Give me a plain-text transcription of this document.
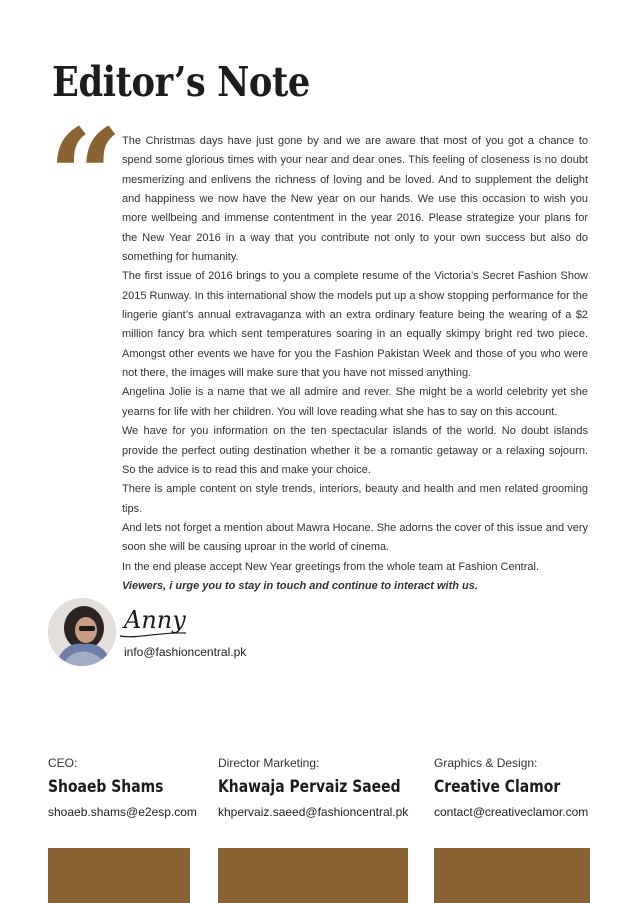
Editor’s Note
“ The Christmas days have just gone by and we are aware that most of you got a chance to spend some glorious times with your near and dear ones. This feeling of closeness is no doubt mesmerizing and enlivens the richness of loving and be loved. And to supplement the delight and happiness we now have the New year on our hands. We use this occasion to wish you more wellbeing and immense contentment in the year 2016. Please strategize your plans for the New Year 2016 in a way that you contribute not only to your own success but also do something for humanity.

The first issue of 2016 brings to you a complete resume of the Victoria’s Secret Fashion Show 2015 Runway. In this international show the models put up a show stopping performance for the lingerie giant’s annual extravaganza with an extra ordinary feature being the wearing of a $2 million fancy bra which sent temperatures soaring in an equally skimpy bright red two piece. Amongst other events we have for you the Fashion Pakistan Week and those of you who were not there, the images will make sure that you have not missed anything.

Angelina Jolie is a name that we all admire and rever. She might be a world celebrity yet she yearns for life with her children. You will love reading what she has to say on this account.

We have for you information on the ten spectacular islands of the world. No doubt islands provide the perfect outing destination whether it be a romantic getaway or a relaxing sojourn. So the advice is to read this and make your choice.

There is ample content on style trends, interiors, beauty and health and men related grooming tips.

And lets not forget a mention about Mawra Hocane. She adorns the cover of this issue and very soon she will be causing uproar in the world of cinema.

In the end please accept New Year greetings from the whole team at Fashion Central.

Viewers, i urge you to stay in touch and continue to interact with us.

Anny
info@fashioncentral.pk
CEO:
Shoaeb Shams
shoaeb.shams@e2esp.com
Director Marketing:
Khawaja Pervaiz Saeed
khpervaiz.saeed@fashioncentral.pk
Graphics & Design:
Creative Clamor
contact@creativeclamor.com
